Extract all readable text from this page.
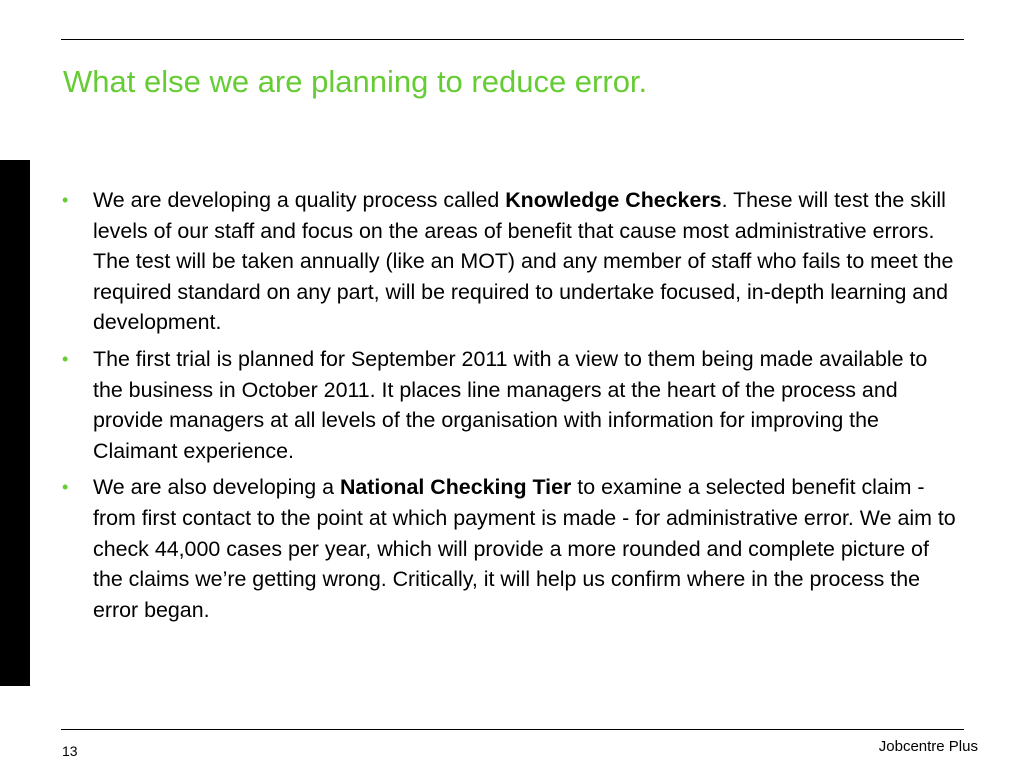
What else we are planning to reduce error.
•	We are developing a quality process called Knowledge Checkers. These will test the skill levels of our staff and focus on the areas of benefit that cause most administrative errors. The test will be taken annually (like an MOT) and any member of staff who fails to meet the required standard on any part, will be required to undertake focused, in-depth learning and development.
•	The first trial is planned for September 2011 with a view to them being made available to the business in October 2011. It places line managers at the heart of the process and provide managers at all levels of the organisation with information for improving the Claimant experience.
•	We are also developing a National Checking Tier to examine a selected benefit claim - from first contact to the point at which payment is made - for administrative error. We aim to check 44,000 cases per year, which will provide a more rounded and complete picture of the claims we’re getting wrong. Critically, it will help us confirm where in the process the error began.
13	Jobcentre Plus
